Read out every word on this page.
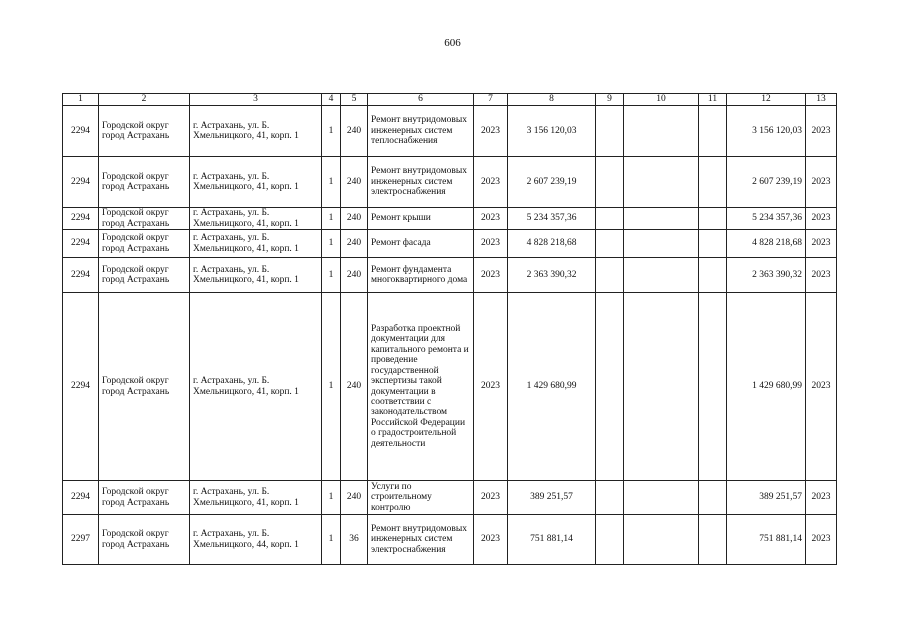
606
1	2	3	4	5	6	7	8	9	10	11	12	13
2294	Городской округ город Астрахань	г. Астрахань, ул. Б. Хмельницкого, 41, корп. 1	1	240	Ремонт внутридомовых инженерных систем теплоснабжения	2023	3 156 120,03				3 156 120,03	2023
2294	Городской округ город Астрахань	г. Астрахань, ул. Б. Хмельницкого, 41, корп. 1	1	240	Ремонт внутридомовых инженерных систем электроснабжения	2023	2 607 239,19				2 607 239,19	2023
2294	Городской округ город Астрахань	г. Астрахань, ул. Б. Хмельницкого, 41, корп. 1	1	240	Ремонт крыши	2023	5 234 357,36				5 234 357,36	2023
2294	Городской округ город Астрахань	г. Астрахань, ул. Б. Хмельницкого, 41, корп. 1	1	240	Ремонт фасада	2023	4 828 218,68				4 828 218,68	2023
2294	Городской округ город Астрахань	г. Астрахань, ул. Б. Хмельницкого, 41, корп. 1	1	240	Ремонт фундамента многоквартирного дома	2023	2 363 390,32				2 363 390,32	2023
2294	Городской округ город Астрахань	г. Астрахань, ул. Б. Хмельницкого, 41, корп. 1	1	240	Разработка проектной документации для капитального ремонта и проведение государственной экспертизы такой документации в соответствии с законодательством Российской Федерации о градостроительной деятельности	2023	1 429 680,99				1 429 680,99	2023
2294	Городской округ город Астрахань	г. Астрахань, ул. Б. Хмельницкого, 41, корп. 1	1	240	Услуги по строительному контролю	2023	389 251,57				389 251,57	2023
2297	Городской округ город Астрахань	г. Астрахань, ул. Б. Хмельницкого, 44, корп. 1	1	36	Ремонт внутридомовых инженерных систем электроснабжения	2023	751 881,14				751 881,14	2023
